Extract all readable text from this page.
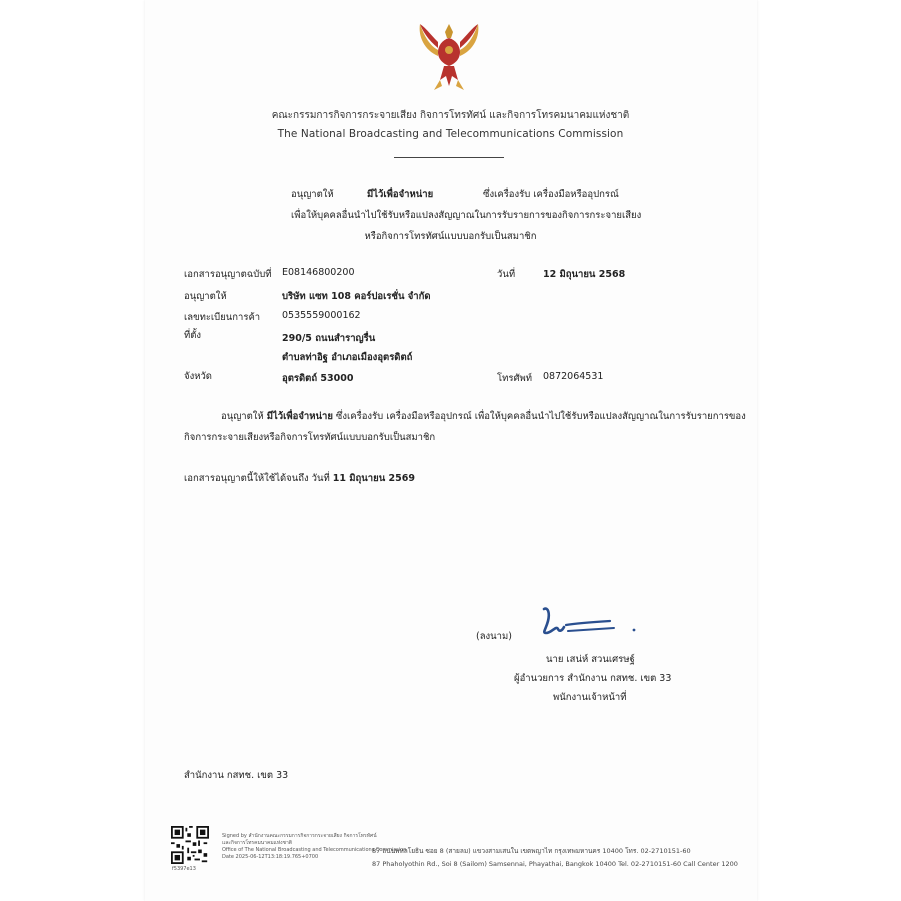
คณะกรรมการกิจการกระจายเสียง กิจการโทรทัศน์ และกิจการโทรคมนาคมแห่งชาติ
The National Broadcasting and Telecommunications Commission
อนุญาตให้	มีไว้เพื่อจำหน่าย	ซึ่งเครื่องรับ เครื่องมือหรืออุปกรณ์
เพื่อให้บุคคลอื่นนำไปใช้รับหรือแปลงสัญญาณในการรับรายการของกิจการกระจายเสียง
หรือกิจการโทรทัศน์แบบบอกรับเป็นสมาชิก
เอกสารอนุญาตฉบับที่ E08146800200	วันที่	12 มิถุนายน 2568
อนุญาตให้	บริษัท แซท 108 คอร์ปอเรชั่น จำกัด
เลขทะเบียนการค้า 0535559000162
ที่ตั้ง	290/5 ถนนสำราญรื่น
ตำบลท่าอิฐ อำเภอเมืองอุตรดิตถ์
จังหวัด	อุตรดิตถ์ 53000	โทรศัพท์ 0872064531
อนุญาตให้ มีไว้เพื่อจำหน่าย ซึ่งเครื่องรับ เครื่องมือหรืออุปกรณ์ เพื่อให้บุคคลอื่นนำไปใช้รับหรือแปลงสัญญาณในการรับรายการของ
กิจการกระจายเสียงหรือกิจการโทรทัศน์แบบบอกรับเป็นสมาชิก
เอกสารอนุญาตนี้ให้ใช้ได้จนถึง วันที่ 11 มิถุนายน 2569
(ลงนาม)
นาย เสน่ห์ สวนเศรษฐ์
ผู้อำนวยการ สำนักงาน กสทช. เขต 33
พนักงานเจ้าหน้าที่
สำนักงาน กสทช. เขต 33
f5397e13
Signed by สำนักงานคณะกรรมการกิจการกระจายเสียง กิจการโทรทัศน์
และกิจการโทรคมนาคมแห่งชาติ
Office of The National Broadcasting and Telecommunications Commission
Date 2025-06-12T13:18:19.765+0700
87 ถนนพหลโยธิน ซอย 8 (สายลม) แขวงสามเสนใน เขตพญาไท กรุงเทพมหานคร 10400 โทร. 02-2710151-60
87 Phaholyothin Rd., Soi 8 (Sailom) Samsennai, Phayathai, Bangkok 10400 Tel. 02-2710151-60 Call Center 1200
